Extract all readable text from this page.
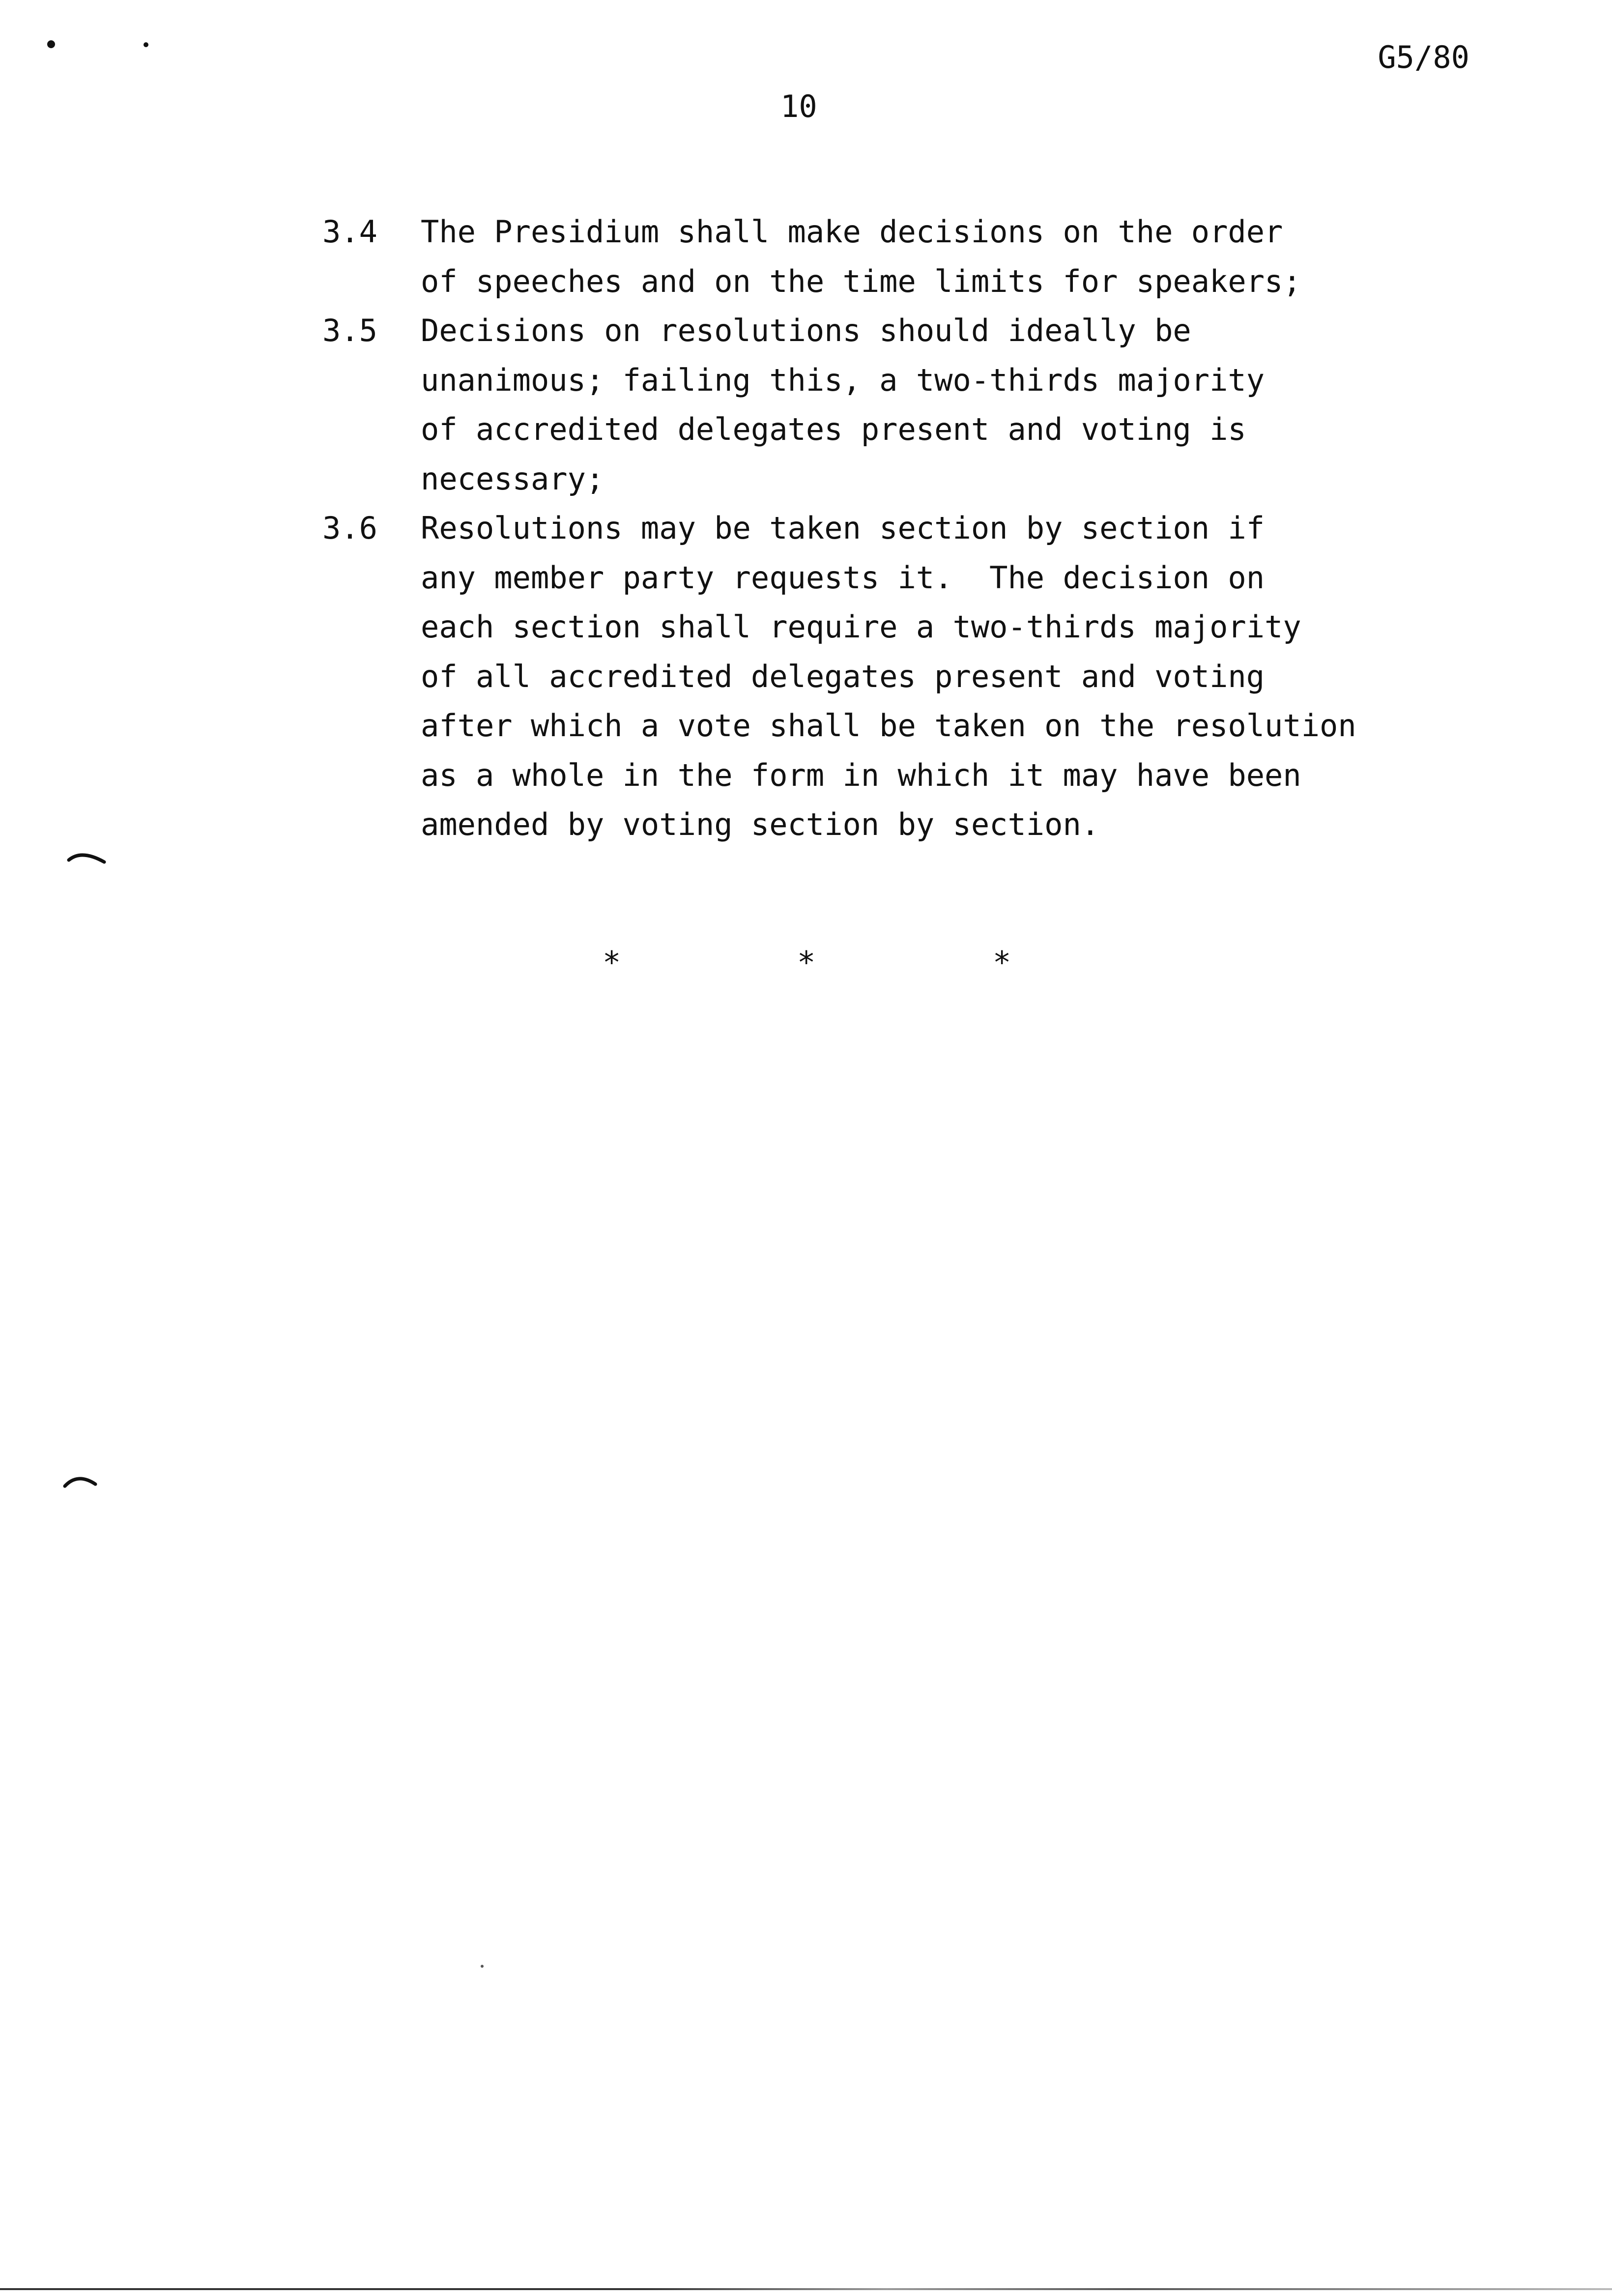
G5/80
10
3.4	The Presidium shall make decisions on the order
of speeches and on the time limits for speakers;
3.5	Decisions on resolutions should ideally be
unanimous; failing this, a two-thirds majority
of accredited delegates present and voting is
necessary;
3.6	Resolutions may be taken section by section if
any member party requests it.  The decision on
each section shall require a two-thirds majority
of all accredited delegates present and voting
after which a vote shall be taken on the resolution
as a whole in the form in which it may have been
amended by voting section by section.
*	*	*
